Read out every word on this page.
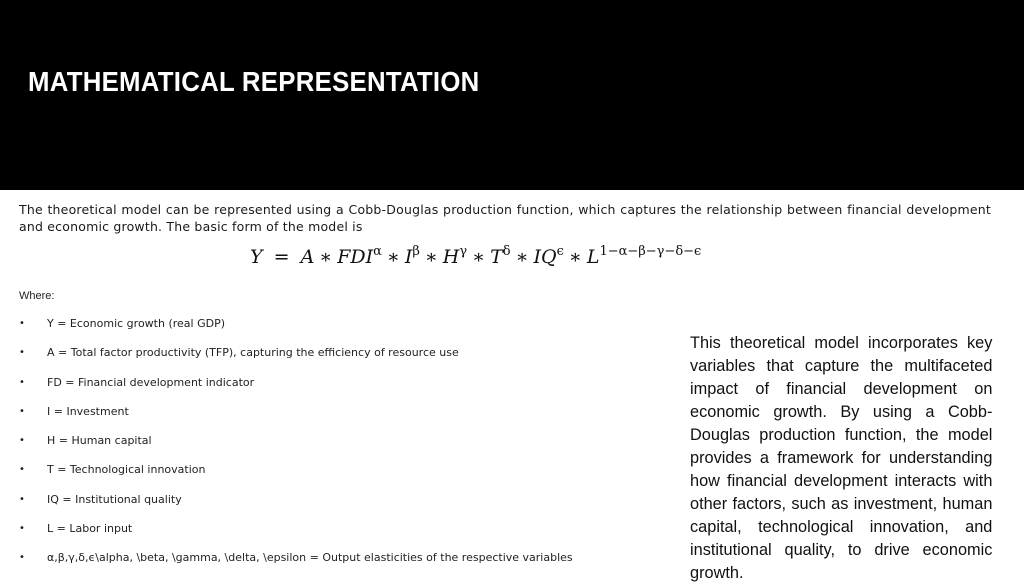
MATHEMATICAL REPRESENTATION

The theoretical model can be represented using a Cobb-Douglas production function, which captures the relationship between financial development and economic growth. The basic form of the model is

Y = A ∗ $FDI^\alpha$ ∗ $I^\beta$ ∗ $H^\gamma$ ∗ $T^\delta$ ∗ $IQ^\epsilon$ ∗ $L^{1-\alpha-\beta-\gamma-\delta-\epsilon}$

Where:

• Y = Economic growth (real GDP)
• A = Total factor productivity (TFP), capturing the efficiency of resource use
• FD = Financial development indicator
• I = Investment
• H = Human capital
• T = Technological innovation
• IQ = Institutional quality
• L = Labor input
• α,β,γ,δ,ϵ\alpha, \beta, \gamma, \delta, \epsilon = Output elasticities of the respective variables

This theoretical model incorporates key variables that capture the multifaceted impact of financial development on economic growth. By using a Cobb-Douglas production function, the model provides a framework for understanding how financial development interacts with other factors, such as investment, human capital, technological innovation, and institutional quality, to drive economic growth.
